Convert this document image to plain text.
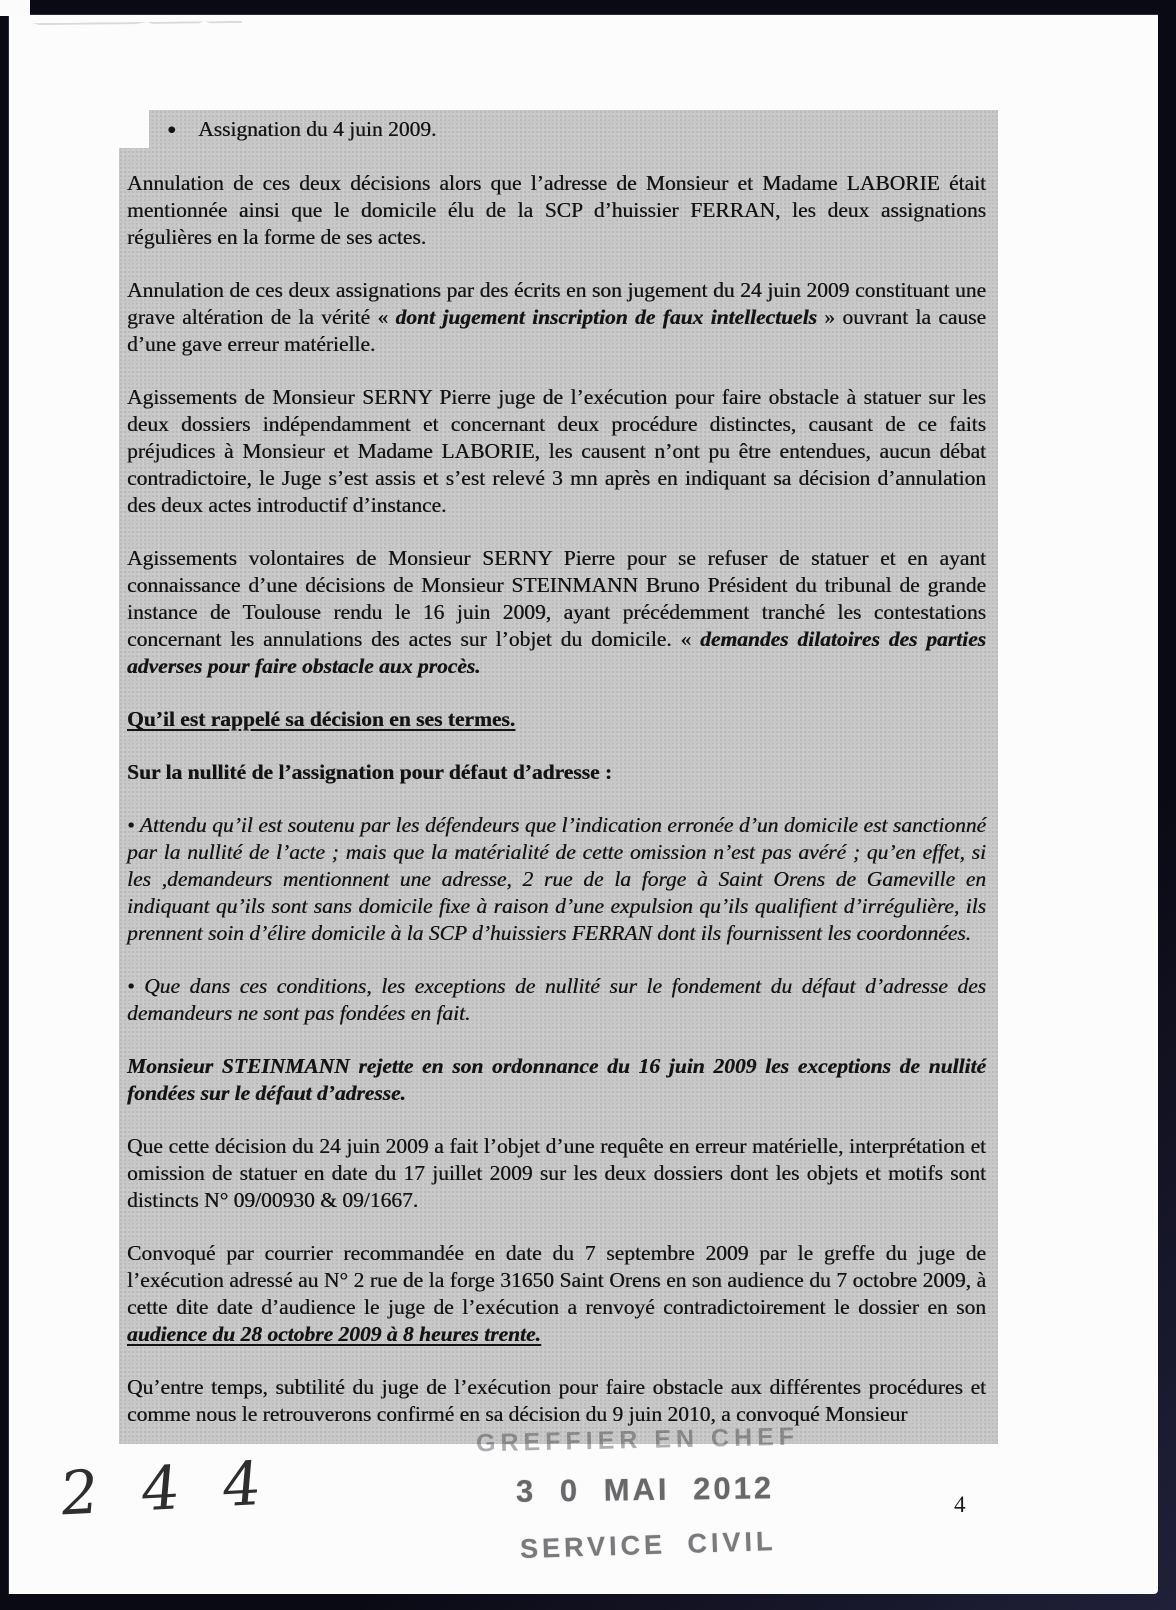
● Assignation du 4 juin 2009.

Annulation de ces deux décisions alors que l’adresse de Monsieur et Madame LABORIE était mentionnée ainsi que le domicile élu de la SCP d’huissier FERRAN, les deux assignations régulières en la forme de ses actes.

Annulation de ces deux assignations par des écrits en son jugement du 24 juin 2009 constituant une grave altération de la vérité « dont jugement inscription de faux intellectuels » ouvrant la cause d’une gave erreur matérielle.

Agissements de Monsieur SERNY Pierre juge de l’exécution pour faire obstacle à statuer sur les deux dossiers indépendamment et concernant deux procédure distinctes, causant de ce faits préjudices à Monsieur et Madame LABORIE, les causent n’ont pu être entendues, aucun débat contradictoire, le Juge s’est assis et s’est relevé 3 mn après en indiquant sa décision d’annulation des deux actes introductif d’instance.

Agissements volontaires de Monsieur SERNY Pierre pour se refuser de statuer et en ayant connaissance d’une décisions de Monsieur STEINMANN Bruno Président du tribunal de grande instance de Toulouse rendu le 16 juin 2009, ayant précédemment tranché les contestations concernant les annulations des actes sur l’objet du domicile. « demandes dilatoires des parties adverses pour faire obstacle aux procès.

Qu’il est rappelé sa décision en ses termes.

Sur la nullité de l’assignation pour défaut d’adresse :

• Attendu qu’il est soutenu par les défendeurs que l’indication erronée d’un domicile est sanctionné par la nullité de l’acte ; mais que la matérialité de cette omission n’est pas avéré ; qu’en effet, si les ,demandeurs mentionnent une adresse, 2 rue de la forge à Saint Orens de Gameville en indiquant qu’ils sont sans domicile fixe à raison d’une expulsion qu’ils qualifient d’irrégulière, ils prennent soin d’élire domicile à la SCP d’huissiers FERRAN dont ils fournissent les coordonnées.

• Que dans ces conditions, les exceptions de nullité sur le fondement du défaut d’adresse des demandeurs ne sont pas fondées en fait.

Monsieur STEINMANN rejette en son ordonnance du 16 juin 2009 les exceptions de nullité fondées sur le défaut d’adresse.

Que cette décision du 24 juin 2009 a fait l’objet d’une requête en erreur matérielle, interprétation et omission de statuer en date du 17 juillet 2009 sur les deux dossiers dont les objets et motifs sont distincts N° 09/00930 & 09/1667.

Convoqué par courrier recommandée en date du 7 septembre 2009 par le greffe du juge de l’exécution adressé au N° 2 rue de la forge 31650 Saint Orens en son audience du 7 octobre 2009, à cette dite date d’audience le juge de l’exécution a renvoyé contradictoirement le dossier en son audience du 28 octobre 2009 à 8 heures trente.

Qu’entre temps, subtilité du juge de l’exécution pour faire obstacle aux différentes procédures et comme nous le retrouverons confirmé en sa décision du 9 juin 2010, a convoqué Monsieur

GREFFIER EN CHEF
3 0 MAI 2012
SERVICE CIVIL
2 4 4	4
